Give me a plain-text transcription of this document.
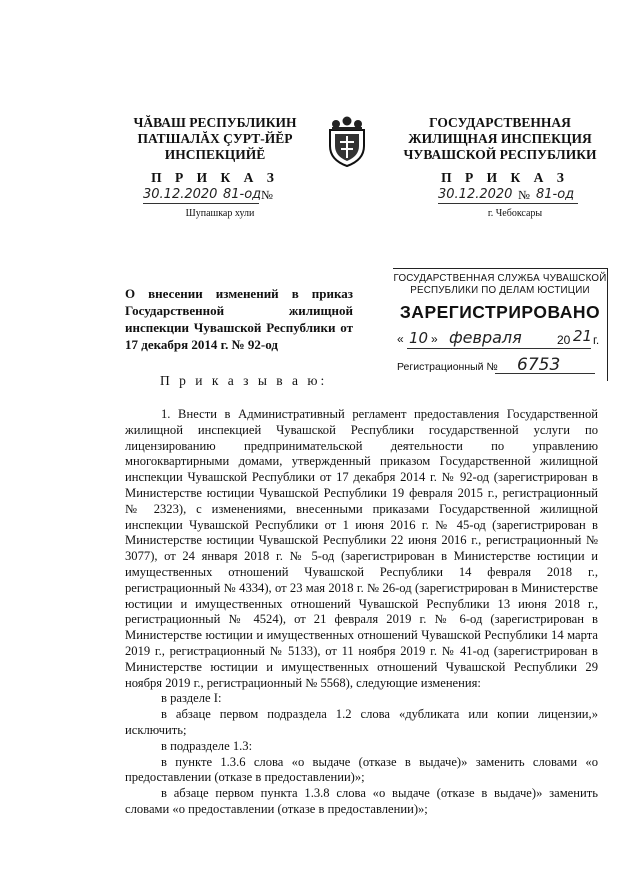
ЧĂВАШ РЕСПУБЛИКИН
ПАТШАЛĂХ ÇУРТ-ЙĔР
ИНСПЕКЦИЙĔ
П Р И К А З
30.12.2020 81-од №
Шупашкар хули
ГОСУДАРСТВЕННАЯ
ЖИЛИЩНАЯ ИНСПЕКЦИЯ
ЧУВАШСКОЙ РЕСПУБЛИКИ
П Р И К А З
30.12.2020 № 81-од
г. Чебоксары
ГОСУДАРСТВЕННАЯ СЛУЖБА ЧУВАШСКОЙ
РЕСПУБЛИКИ ПО ДЕЛАМ ЮСТИЦИИ
ЗАРЕГИСТРИРОВАНО
« 10 » февраля	20 21 г.
Регистрационный № 6753
О внесении изменений в приказ Государственной жилищной инспекции Чувашской Республики от 17 декабря 2014 г. № 92-од
П р и к а з ы в а ю:

1. Внести в Административный регламент предоставления Государственной жилищной инспекцией Чувашской Республики государственной услуги по лицензированию предпринимательской деятельности по управлению многоквартирными домами, утвержденный приказом Государственной жилищной инспекции Чувашской Республики от 17 декабря 2014 г. № 92-од (зарегистрирован в Министерстве юстиции Чувашской Республики 19 февраля 2015 г., регистрационный № 2323), с изменениями, внесенными приказами Государственной жилищной инспекции Чувашской Республики от 1 июня 2016 г. № 45-од (зарегистрирован в Министерстве юстиции Чувашской Республики 22 июня 2016 г., регистрационный № 3077), от 24 января 2018 г. № 5-од (зарегистрирован в Министерстве юстиции и имущественных отношений Чувашской Республики 14 февраля 2018 г., регистрационный № 4334), от 23 мая 2018 г. № 26-од (зарегистрирован в Министерстве юстиции и имущественных отношений Чувашской Республики 13 июня 2018 г., регистрационный № 4524), от 21 февраля 2019 г. № 6-од (зарегистрирован в Министерстве юстиции и имущественных отношений Чувашской Республики 14 марта 2019 г., регистрационный № 5133), от 11 ноября 2019 г. № 41-од (зарегистрирован в Министерстве юстиции и имущественных отношений Чувашской Республики 29 ноября 2019 г., регистрационный № 5568), следующие изменения:

в разделе I:

в абзаце первом подраздела 1.2 слова «дубликата или копии лицензии,» исключить;

в подразделе 1.3:

в пункте 1.3.6 слова «о выдаче (отказе в выдаче)» заменить словами «о предоставлении (отказе в предоставлении)»;

в абзаце первом пункта 1.3.8 слова «о выдаче (отказе в выдаче)» заменить словами «о предоставлении (отказе в предоставлении)»;
